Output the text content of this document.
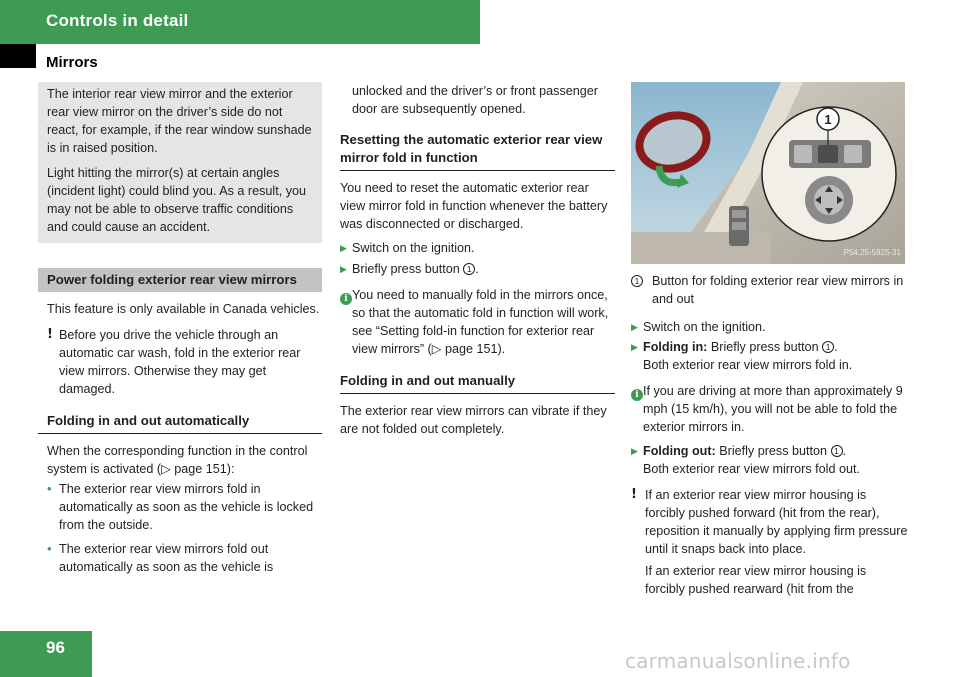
Controls in detail
Mirrors

The interior rear view mirror and the exterior rear view mirror on the driver’s side do not react, for example, if the rear window sunshade is in raised position.

Light hitting the mirror(s) at certain angles (incident light) could blind you. As a result, you may not be able to observe traffic conditions and could cause an accident.

Power folding exterior rear view mirrors
This feature is only available in Canada vehicles.
! Before you drive the vehicle through an automatic car wash, fold in the exterior rear view mirrors. Otherwise they may get damaged.
Folding in and out automatically
When the corresponding function in the control system is activated (▷ page 151):
• The exterior rear view mirrors fold in automatically as soon as the vehicle is locked from the outside.
• The exterior rear view mirrors fold out automatically as soon as the vehicle is
unlocked and the driver’s or front passenger door are subsequently opened.
Resetting the automatic exterior rear view mirror fold in function
You need to reset the automatic exterior rear view mirror fold in function whenever the battery was disconnected or discharged.
▶ Switch on the ignition.
▶ Briefly press button 1 .
i You need to manually fold in the mirrors once, so that the automatic fold in function will work, see “Setting fold-in function for exterior rear view mirrors” (▷ page 151).
Folding in and out manually
The exterior rear view mirrors can vibrate if they are not folded out completely.
1
P54.25-5925-31
1 Button for folding exterior rear view mirrors in and out
▶ Switch on the ignition.
▶ Folding in: Briefly press button 1 .
Both exterior rear view mirrors fold in.
i If you are driving at more than approximately 9 mph (15 km/h), you will not be able to fold the exterior mirrors in.
▶ Folding out: Briefly press button 1 .
Both exterior rear view mirrors fold out.
! If an exterior rear view mirror housing is forcibly pushed forward (hit from the rear), reposition it manually by applying firm pressure until it snaps back into place.
If an exterior rear view mirror housing is forcibly pushed rearward (hit from the
96
carmanualsonline.info
